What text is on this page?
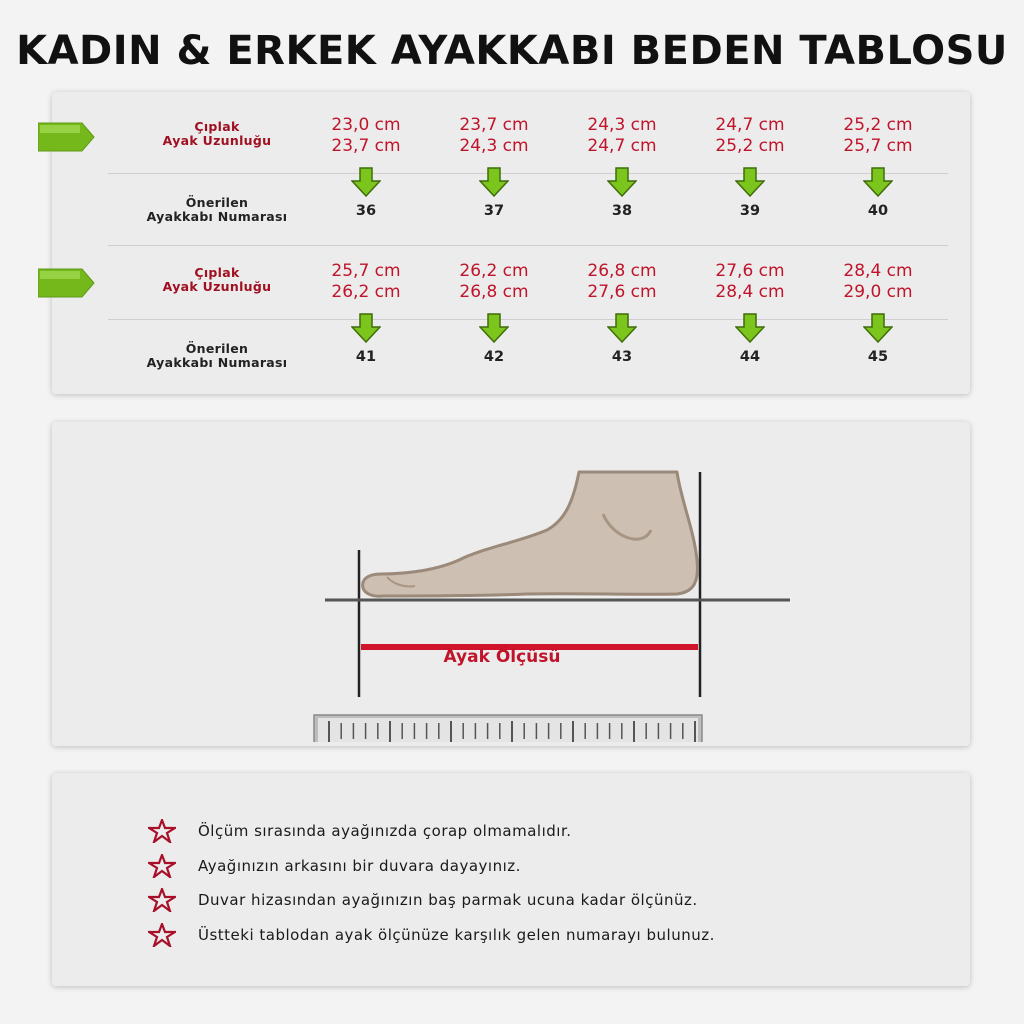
KADIN & ERKEK AYAKKABI BEDEN TABLOSU
Çıplak
Ayak Uzunluğu
Önerilen
Ayakkabı Numarası
23,0 cm
23,7 cm
36
23,7 cm
24,3 cm
37
24,3 cm
24,7 cm
38
24,7 cm
25,2 cm
39
25,2 cm
25,7 cm
40
Çıplak
Ayak Uzunluğu
Önerilen
Ayakkabı Numarası
25,7 cm
26,2 cm
41
26,2 cm
26,8 cm
42
26,8 cm
27,6 cm
43
27,6 cm
28,4 cm
44
28,4 cm
29,0 cm
45
Ayak Ölçüsü
Ölçüm sırasında ayağınızda çorap olmamalıdır.
Ayağınızın arkasını bir duvara dayayınız.
Duvar hizasından ayağınızın baş parmak ucuna kadar ölçünüz.
Üstteki tablodan ayak ölçünüze karşılık gelen numarayı bulunuz.
